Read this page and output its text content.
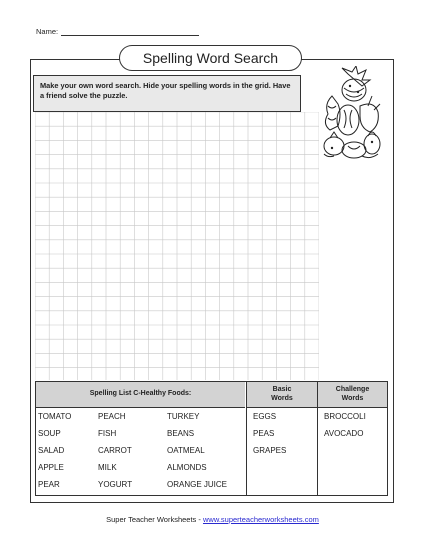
Name:
Spelling Word Search
Make your own word search. Hide your spelling words in the grid. Have a friend solve the puzzle.
Spelling List C-Healthy Foods:
Basic
Words
Challenge
Words
TOMATO
SOUP
SALAD
APPLE
PEAR
PEACH
FISH
CARROT
MILK
YOGURT
TURKEY
BEANS
OATMEAL
ALMONDS
ORANGE JUICE
EGGS
PEAS
GRAPES
BROCCOLI
AVOCADO
Super Teacher Worksheets - www.superteacherworksheets.com
